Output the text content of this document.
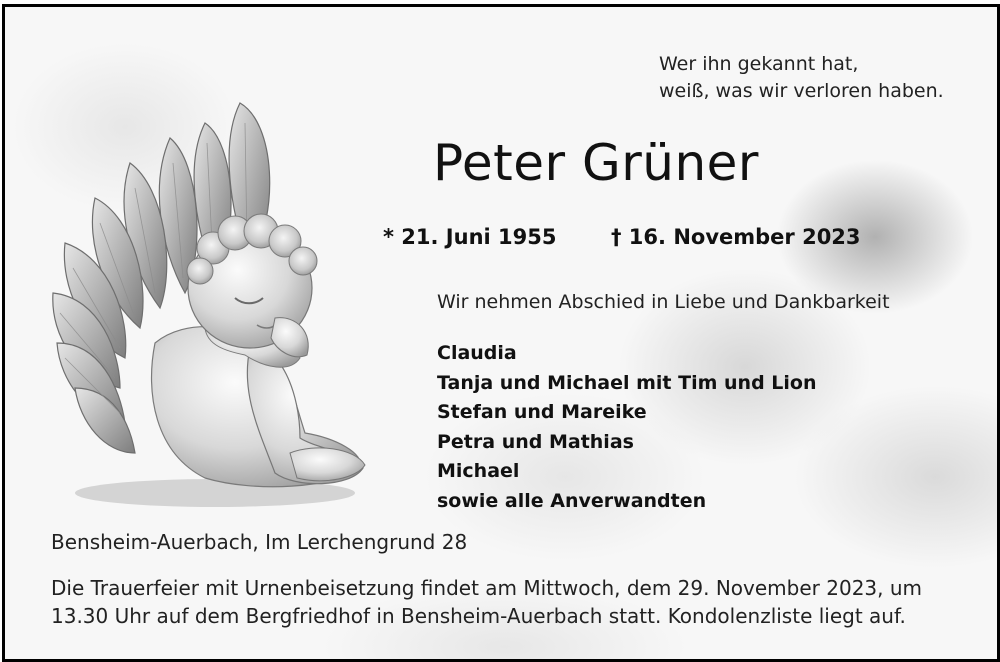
Wer ihn gekannt hat,
weiß, was wir verloren haben.
Peter Grüner
* 21. Juni 1955	† 16. November 2023
Wir nehmen Abschied in Liebe und Dankbarkeit
Claudia
Tanja und Michael mit Tim und Lion
Stefan und Mareike
Petra und Mathias
Michael
sowie alle Anverwandten
Bensheim-Auerbach, Im Lerchengrund 28
Die Trauerfeier mit Urnenbeisetzung findet am Mittwoch, dem 29. November 2023, um
13.30 Uhr auf dem Bergfriedhof in Bensheim-Auerbach statt. Kondolenzliste liegt auf.
